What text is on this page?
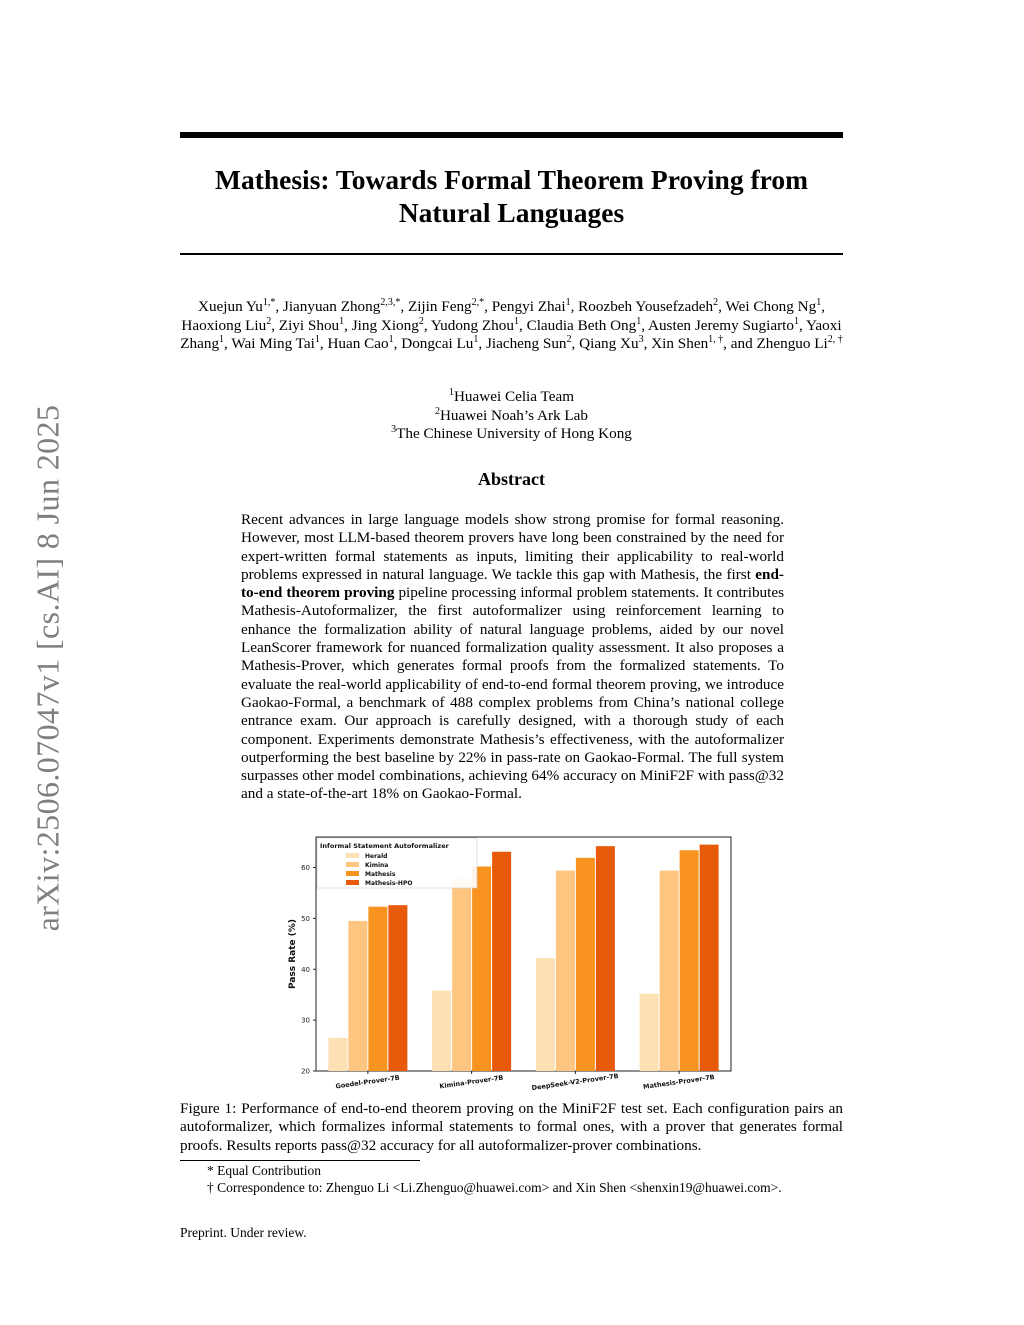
arXiv:2506.07047v1 [cs.AI] 8 Jun 2025
Mathesis: Towards Formal Theorem Proving from
Natural Languages
Xuejun $Yu^{1,*}$, Jianyuan Zhong$^{2,3,*}$, Zijin Feng$^{2,*}$, Pengyi Zhai$^1$, Roozbeh Yousefzadeh$^2$, Wei Chong Ng$^1$, Haoxiong Liu$^2$, Ziyi Shou$^1$, Jing Xiong$^2$, Yudong Zhou$^1$, Claudia Beth Ong$^1$, Austen Jeremy Sugiarto$^1$, Yaoxi Zhang$^1$, Wai Ming Tai$^1$, Huan Cao$^1$, Dongcai Lu$^1$, Jiacheng Sun$^2$, Qiang Xu$^3$, Xin Shen$^{1, \dagger}$, and Zhenguo $Li^{2, \dagger}$
$^1$Huawei Celia Team
$^2$Huawei Noah’s Ark Lab
$^3$The Chinese University of Hong Kong
Abstract
Recent advances in large language models show strong promise for formal reasoning. However, most LLM-based theorem provers have long been constrained by the need for expert-written formal statements as inputs, limiting their applicability to real-world problems expressed in natural language. We tackle this gap with Mathesis, the first end-to-end theorem proving pipeline processing informal problem statements. It contributes Mathesis-Autoformalizer, the first autoformalizer using reinforcement learning to enhance the formalization ability of natural language problems, aided by our novel LeanScorer framework for nuanced formalization quality assessment. It also proposes a Mathesis-Prover, which generates formal proofs from the formalized statements. To evaluate the real-world applicability of end-to-end formal theorem proving, we introduce Gaokao-Formal, a benchmark of 488 complex problems from China’s national college entrance exam. Our approach is carefully designed, with a thorough study of each component. Experiments demonstrate Mathesis’s effectiveness, with the autoformalizer outperforming the best baseline by 22% in pass-rate on Gaokao-Formal. The full system surpasses other model combinations, achieving 64% accuracy on MiniF2F with pass@32 and a state-of-the-art 18% on Gaokao-Formal.
20
30
40
50
60
Pass Rate (%)
Goedel-Prover-7B	Kimina-Prover-7B	DeepSeek-V2-Prover-7B	Mathesis-Prover-7B
Informal Statement Autoformalizer
Herald
Kimina
Mathesis
Mathesis-HPO
Figure 1: Performance of end-to-end theorem proving on the MiniF2F test set. Each configuration pairs an autoformalizer, which formalizes informal statements to formal ones, with a prover that generates formal proofs. Results reports pass@32 accuracy for all autoformalizer-prover combinations.
* Equal Contribution
† Correspondence to: Zhenguo Li <Li.Zhenguo@huawei.com> and Xin Shen <shenxin19@huawei.com>.
Preprint. Under review.
